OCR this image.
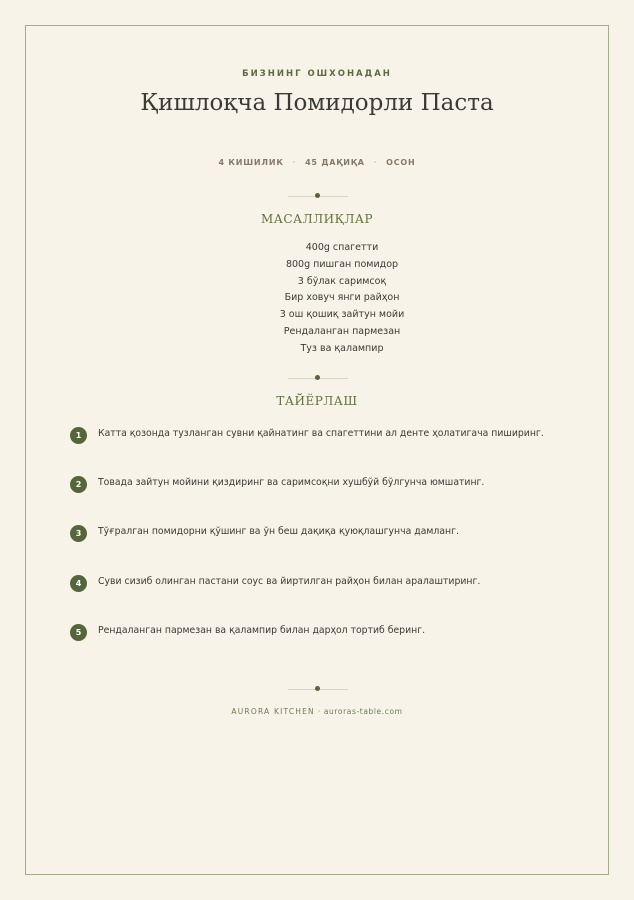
БИЗНИНГ ОШХОНАДАН
Қишлоқча Помидорли Паста
4 КИШИЛИК · 45 ДАҚИҚА · ОСОН
МАСАЛЛИҚЛАР
400g спагетти
800g пишган помидор
3 бўлак саримсоқ
Бир ховуч янги райҳон
3 ош қошиқ зайтун мойи
Рендаланган пармезан
Туз ва қалампир
ТАЙЁРЛАШ
1	Катта қозонда тузланган сувни қайнатинг ва спагеттини ал денте ҳолатигача пиширинг.
2	Товада зайтун мойини қиздиринг ва саримсоқни хушбўй бўлгунча юмшатинг.
3	Тўғралган помидорни қўшинг ва ўн беш дақиқа қуюқлашгунча дамланг.
4	Суви сизиб олинган пастани соус ва йиртилган райҳон билан аралаштиринг.
5	Рендаланган пармезан ва қалампир билан дарҳол тортиб беринг.
AURORA KITCHEN · auroras-table.com
